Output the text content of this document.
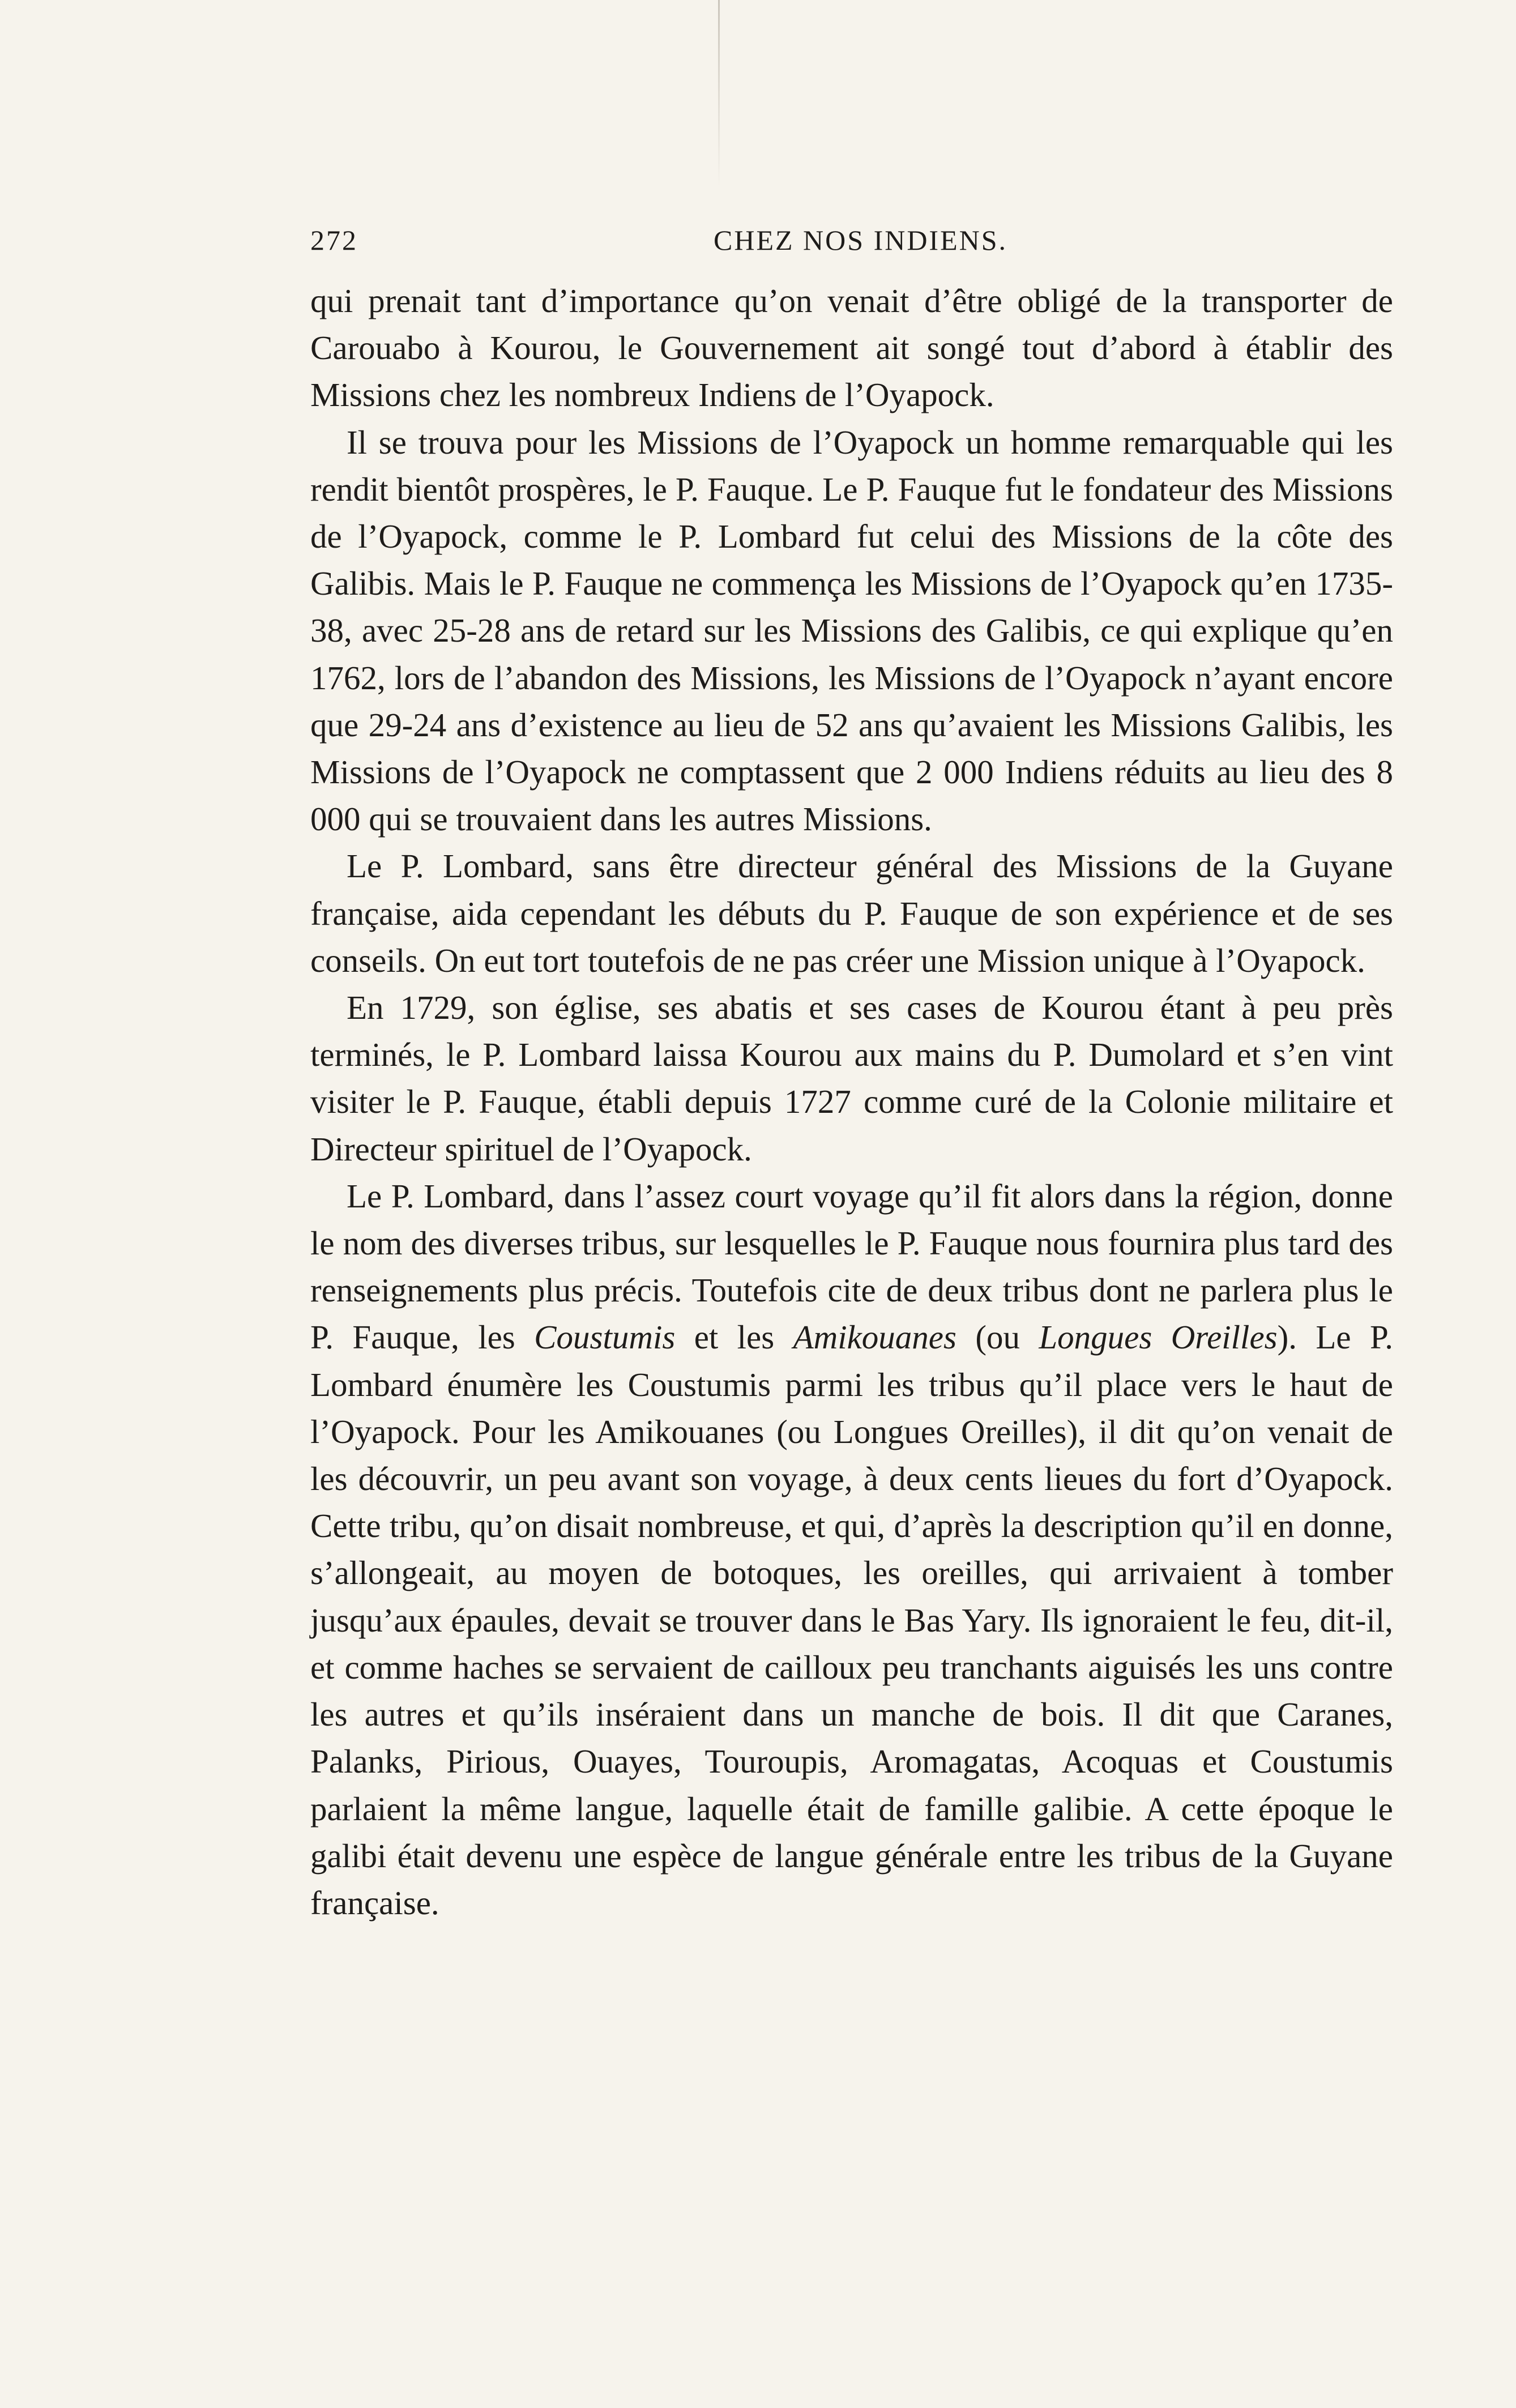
272	CHEZ NOS INDIENS.

qui prenait tant d’importance qu’on venait d’être obligé de la transporter de Carouabo à Kourou, le Gouvernement ait songé tout d’abord à établir des Missions chez les nombreux Indiens de l’Oyapock.

Il se trouva pour les Missions de l’Oyapock un homme remarquable qui les rendit bientôt prospères, le P. Fauque. Le P. Fauque fut le fondateur des Missions de l’Oyapock, comme le P. Lombard fut celui des Missions de la côte des Galibis. Mais le P. Fauque ne commença les Missions de l’Oyapock qu’en 1735-38, avec 25-28 ans de retard sur les Missions des Galibis, ce qui explique qu’en 1762, lors de l’abandon des Missions, les Missions de l’Oyapock n’ayant encore que 29-24 ans d’existence au lieu de 52 ans qu’avaient les Missions Galibis, les Missions de l’Oyapock ne comptassent que 2 000 Indiens réduits au lieu des 8 000 qui se trouvaient dans les autres Missions.

Le P. Lombard, sans être directeur général des Missions de la Guyane française, aida cependant les débuts du P. Fauque de son expérience et de ses conseils. On eut tort toutefois de ne pas créer une Mission unique à l’Oyapock.

En 1729, son église, ses abatis et ses cases de Kourou étant à peu près terminés, le P. Lombard laissa Kourou aux mains du P. Dumolard et s’en vint visiter le P. Fauque, établi depuis 1727 comme curé de la Colonie militaire et Directeur spirituel de l’Oyapock.

Le P. Lombard, dans l’assez court voyage qu’il fit alors dans la région, donne le nom des diverses tribus, sur lesquelles le P. Fauque nous fournira plus tard des renseignements plus précis. Toutefois cite de deux tribus dont ne parlera plus le P. Fauque, les Coustumis et les Amikouanes (ou Longues Oreilles). Le P. Lombard énumère les Coustumis parmi les tribus qu’il place vers le haut de l’Oyapock. Pour les Amikouanes (ou Longues Oreilles), il dit qu’on venait de les découvrir, un peu avant son voyage, à deux cents lieues du fort d’Oyapock. Cette tribu, qu’on disait nombreuse, et qui, d’après la description qu’il en donne, s’allongeait, au moyen de botoques, les oreilles, qui arrivaient à tomber jusqu’aux épaules, devait se trouver dans le Bas Yary. Ils ignoraient le feu, dit-il, et comme haches se servaient de cailloux peu tranchants aiguisés les uns contre les autres et qu’ils inséraient dans un manche de bois. Il dit que Caranes, Palanks, Pirious, Ouayes, Touroupis, Aromagatas, Acoquas et Coustumis parlaient la même langue, laquelle était de famille galibie. A cette époque le galibi était devenu une espèce de langue générale entre les tribus de la Guyane française.
